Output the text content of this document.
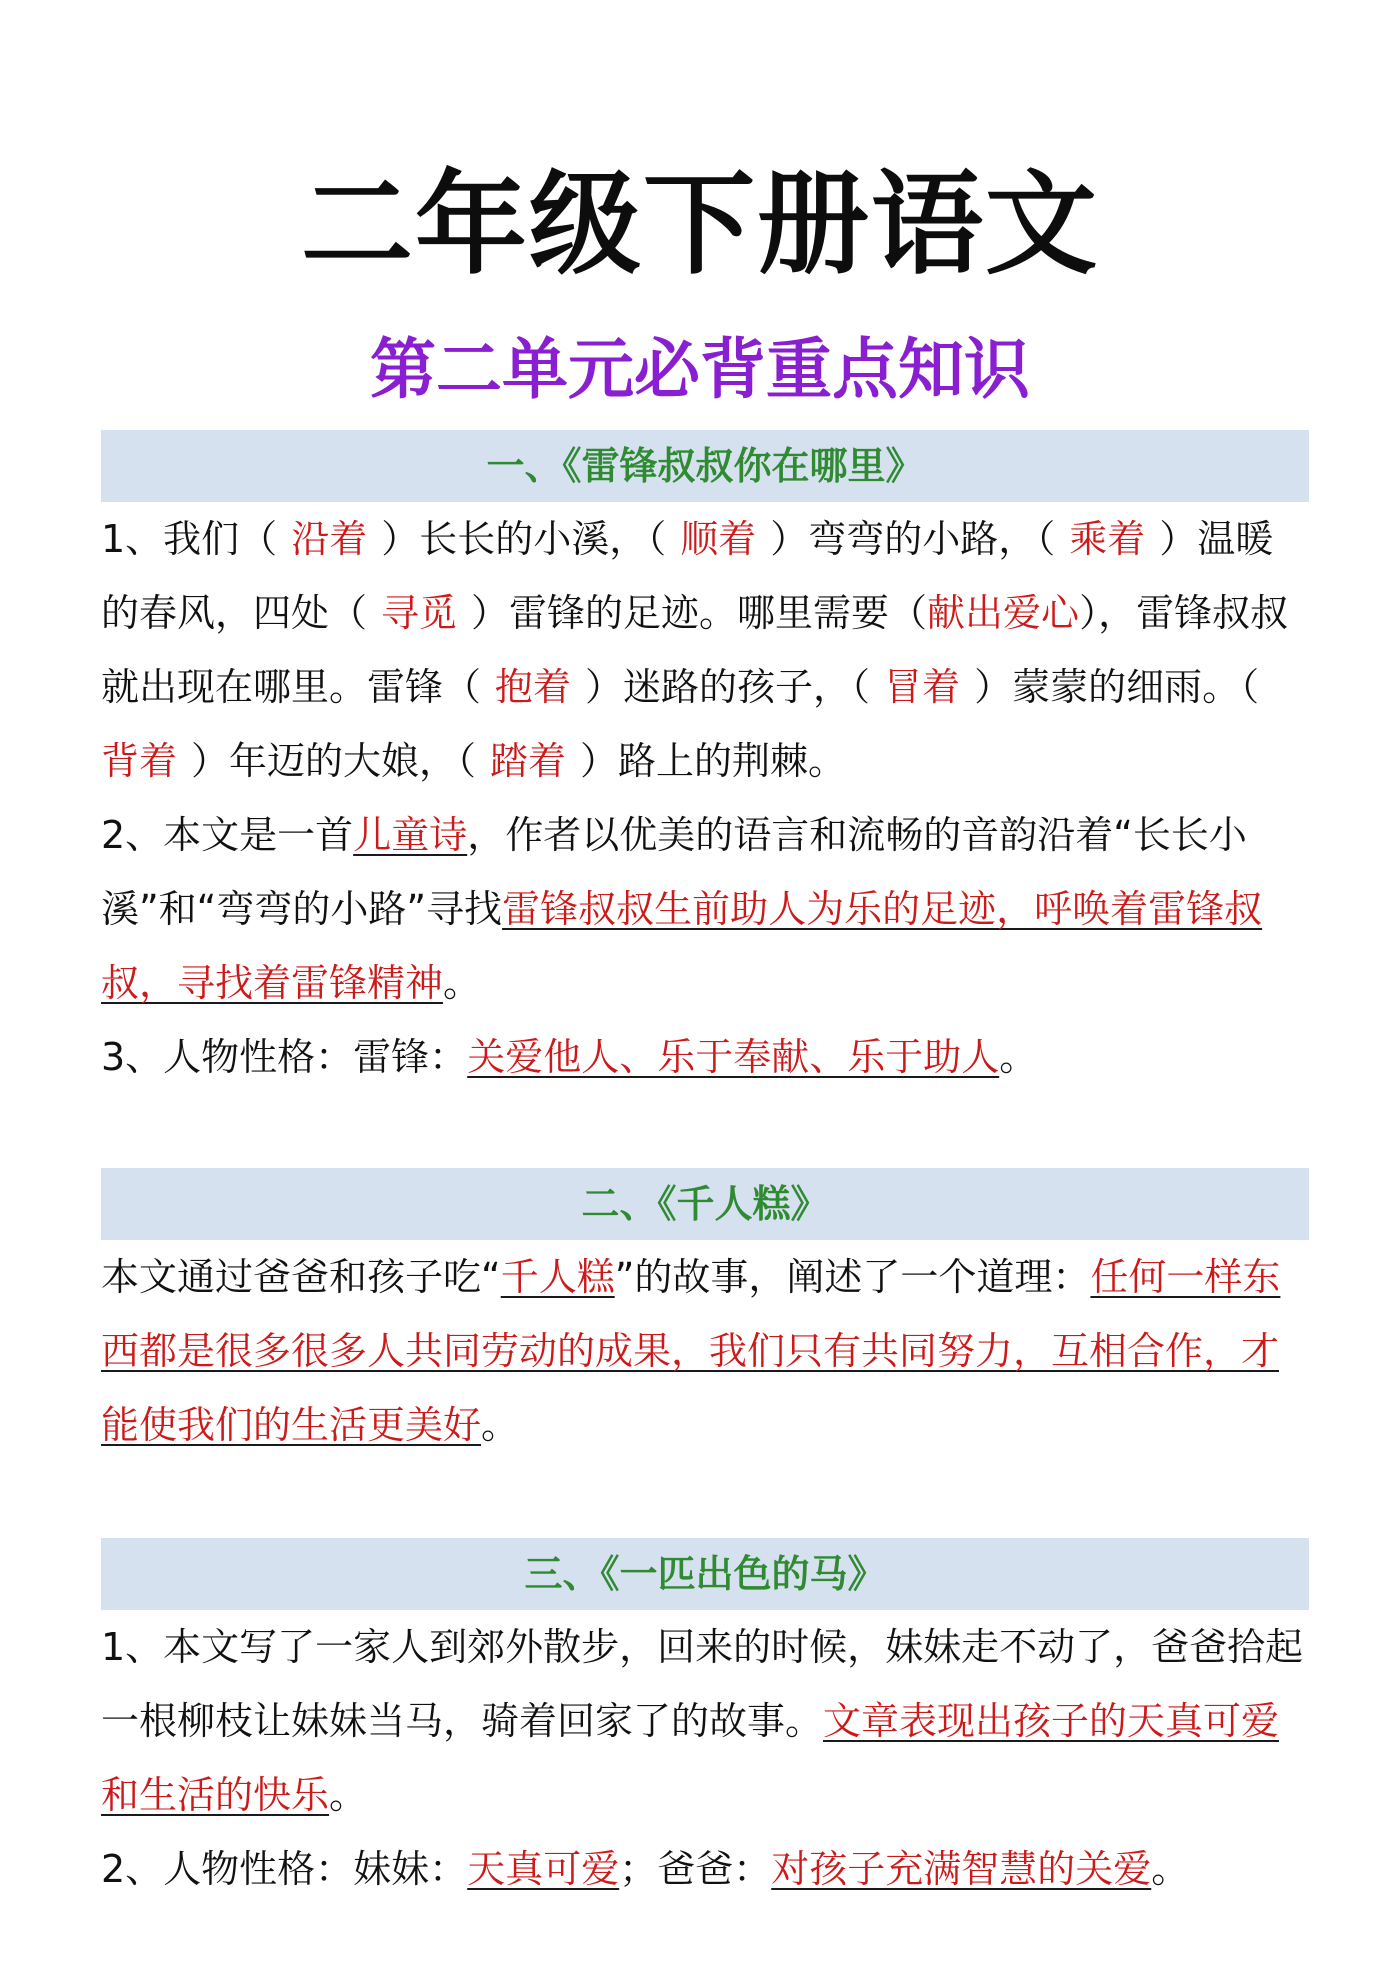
二年级下册语文
第二单元必背重点知识
一、《雷锋叔叔你在哪里》

1、我们（ 沿着 ）长长的小溪，（ 顺着 ）弯弯的小路，（ 乘着 ）温暖的春风，四处（ 寻觅 ）雷锋的足迹。哪里需要（献出爱心），雷锋叔叔就出现在哪里。雷锋（ 抱着 ）迷路的孩子，（ 冒着 ）蒙蒙的细雨。（背着 ）年迈的大娘，（ 踏着 ）路上的荆棘。

2、本文是一首儿童诗，作者以优美的语言和流畅的音韵沿着“长长小溪”和“弯弯的小路”寻找雷锋叔叔生前助人为乐的足迹，呼唤着雷锋叔叔，寻找着雷锋精神。

3、人物性格：雷锋：关爱他人、乐于奉献、乐于助人。

二、《千人糕》

本文通过爸爸和孩子吃“千人糕”的故事，阐述了一个道理：任何一样东西都是很多很多人共同劳动的成果，我们只有共同努力，互相合作，才能使我们的生活更美好。

三、《一匹出色的马》

1、本文写了一家人到郊外散步，回来的时候，妹妹走不动了，爸爸拾起一根柳枝让妹妹当马，骑着回家了的故事。文章表现出孩子的天真可爱和生活的快乐。

2、人物性格：妹妹：天真可爱；爸爸：对孩子充满智慧的关爱。
